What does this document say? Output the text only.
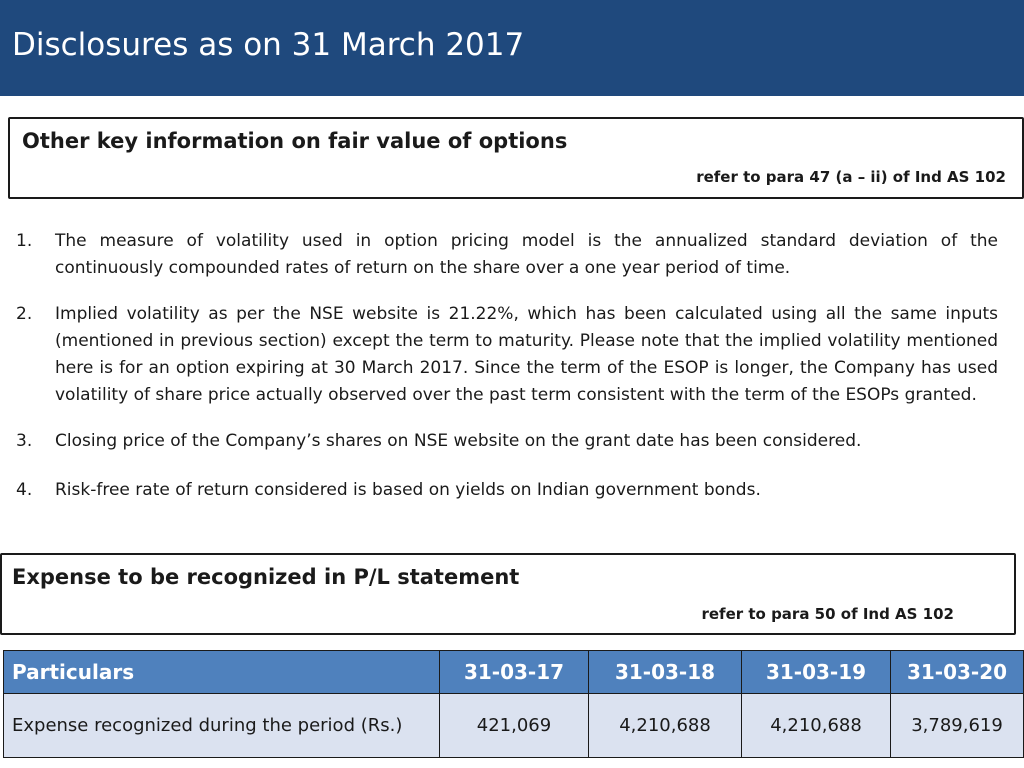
Disclosures as on 31 March 2017
Other key information on fair value of options
refer to para 47 (a – ii) of Ind AS 102
1. The measure of volatility used in option pricing model is the annualized standard deviation of the continuously compounded rates of return on the share over a one year period of time.
2. Implied volatility as per the NSE website is 21.22%, which has been calculated using all the same inputs (mentioned in previous section) except the term to maturity. Please note that the implied volatility mentioned here is for an option expiring at 30 March 2017. Since the term of the ESOP is longer, the Company has used volatility of share price actually observed over the past term consistent with the term of the ESOPs granted.
3. Closing price of the Company’s shares on NSE website on the grant date has been considered.
4. Risk-free rate of return considered is based on yields on Indian government bonds.
Expense to be recognized in P/L statement
refer to para 50 of Ind AS 102
Particulars	31-03-17	31-03-18	31-03-19	31-03-20
Expense recognized during the period (Rs.)	421,069	4,210,688	4,210,688	3,789,619
